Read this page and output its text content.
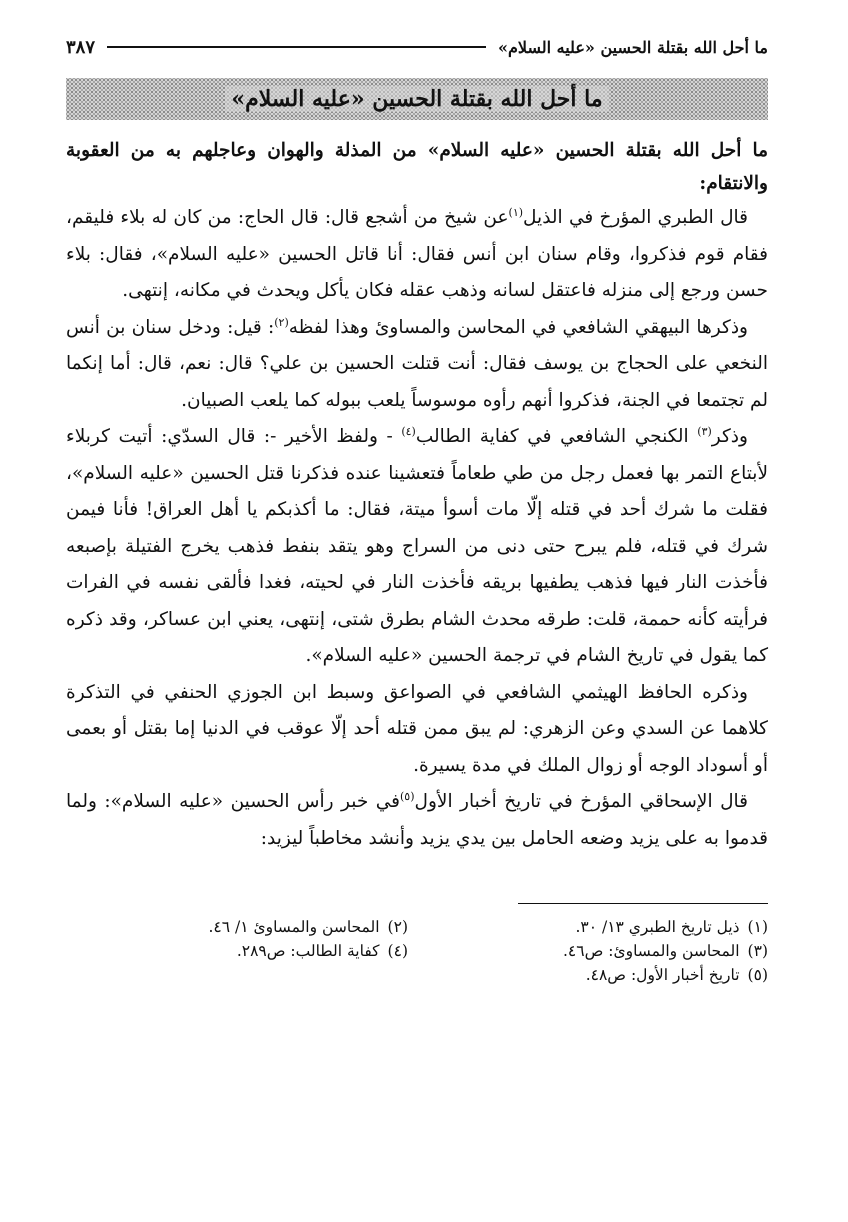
ما أحل الله بقتلة الحسين «عليه السلام»
٣٨٧
ما أحل الله بقتلة الحسين «عليه السلام»
ما أحل الله بقتلة الحسين «عليه السلام» من المذلة والهوان وعاجلهم به من العقوبة والانتقام:

قال الطبري المؤرخ في الذيل$^{(١)}$عن شيخ من أشجع قال: قال الحاج: من كان له بلاء فليقم، فقام قوم فذكروا، وقام سنان ابن أنس فقال: أنا قاتل الحسين «عليه السلام»، فقال: بلاء حسن ورجع إلى منزله فاعتقل لسانه وذهب عقله فكان يأكل ويحدث في مكانه، إنتهى.

وذكرها البيهقي الشافعي في المحاسن والمساوئ وهذا لفظه$^{(٢)}$: قيل: ودخل سنان بن أنس النخعي على الحجاج بن يوسف فقال: أنت قتلت الحسين بن علي؟ قال: نعم، قال: أما إنكما لم تجتمعا في الجنة، فذكروا أنهم رأوه موسوساً يلعب ببوله كما يلعب الصبيان.

وذكر$^{(٣)}$ الكنجي الشافعي في كفاية الطالب$^{(٤)}$ - ولفظ الأخير -: قال السدّي: أتيت كربلاء لأبتاع التمر بها فعمل رجل من طي طعاماً فتعشينا عنده فذكرنا قتل الحسين «عليه السلام»، فقلت ما شرك أحد في قتله إلّا مات أسوأ ميتة، فقال: ما أكذبكم يا أهل العراق! فأنا فيمن شرك في قتله، فلم يبرح حتى دنى من السراج وهو يتقد بنفط فذهب يخرج الفتيلة بإصبعه فأخذت النار فيها فذهب يطفيها بريقه فأخذت النار في لحيته، فغدا فألقى نفسه في الفرات فرأيته كأنه حممة، قلت: طرقه محدث الشام بطرق شتى، إنتهى، يعني ابن عساكر، وقد ذكره كما يقول في تاريخ الشام في ترجمة الحسين «عليه السلام».

وذكره الحافظ الهيثمي الشافعي في الصواعق وسبط ابن الجوزي الحنفي في التذكرة كلاهما عن السدي وعن الزهري: لم يبق ممن قتله أحد إلّا عوقب في الدنيا إما بقتل أو بعمى أو أسوداد الوجه أو زوال الملك في مدة يسيرة.

قال الإسحاقي المؤرخ في تاريخ أخبار الأول$^{(٥)}$في خبر رأس الحسين «عليه السلام»: ولما قدموا به على يزيد وضعه الحامل بين يدي يزيد وأنشد مخاطباً ليزيد:

(١)ذيل تاريخ الطبري ١٣/ ٣٠.
(٢)المحاسن والمساوئ ١/ ٤٦.
(٣)المحاسن والمساوئ: ص٤٦.
(٤)كفاية الطالب: ص٢٨٩.
(٥)تاريخ أخبار الأول: ص٤٨.
